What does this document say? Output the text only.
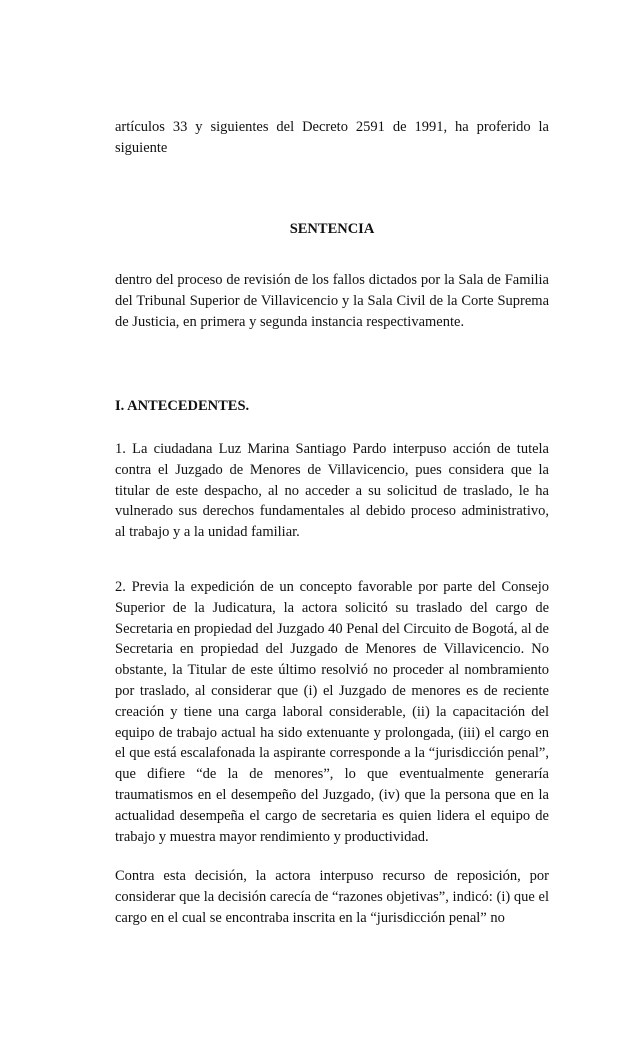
artículos 33 y siguientes del Decreto 2591 de 1991, ha proferido la siguiente

SENTENCIA

dentro del proceso de revisión de los fallos dictados por la Sala de Familia del Tribunal Superior de Villavicencio y la Sala Civil de la Corte Suprema de Justicia, en primera y segunda instancia respectivamente.

I. ANTECEDENTES.

1. La ciudadana Luz Marina Santiago Pardo interpuso acción de tutela contra el Juzgado de Menores de Villavicencio, pues considera que la titular de este despacho, al no acceder a su solicitud de traslado, le ha vulnerado sus derechos fundamentales al debido proceso administrativo, al trabajo y a la unidad familiar.

2. Previa la expedición de un concepto favorable por parte del Consejo Superior de la Judicatura, la actora solicitó su traslado del cargo de Secretaria en propiedad del Juzgado 40 Penal del Circuito de Bogotá, al de Secretaria en propiedad del Juzgado de Menores de Villavicencio. No obstante, la Titular de este último resolvió no proceder al nombramiento por traslado, al considerar que (i) el Juzgado de menores es de reciente creación y tiene una carga laboral considerable, (ii) la capacitación del equipo de trabajo actual ha sido extenuante y prolongada, (iii) el cargo en el que está escalafonada la aspirante corresponde a la “jurisdicción penal”, que difiere “de la de menores”, lo que eventualmente generaría traumatismos en el desempeño del Juzgado, (iv) que la persona que en la actualidad desempeña el cargo de secretaria es quien lidera el equipo de trabajo y muestra mayor rendimiento y productividad.

Contra esta decisión, la actora interpuso recurso de reposición, por considerar que la decisión carecía de “razones objetivas”, indicó: (i) que el cargo en el cual se encontraba inscrita en la “jurisdicción penal” no
